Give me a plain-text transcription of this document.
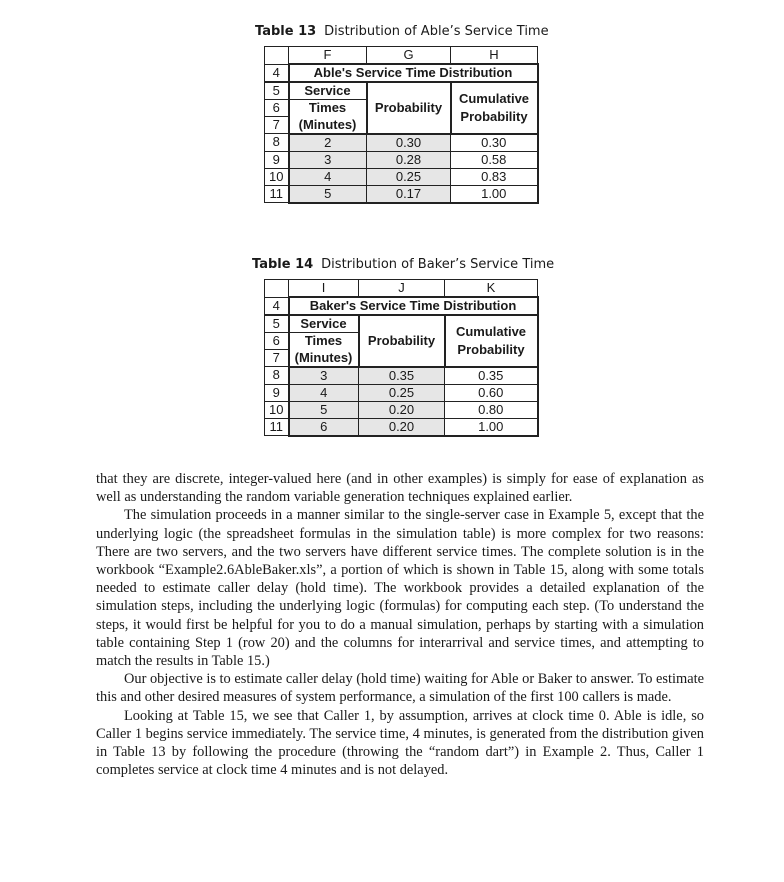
Table 13 Distribution of Able’s Service Time
	F	G	H
4	Able's Service Time Distribution		
5	Service	Probability	Cumulative
Probability
6	Times		
7	(Minutes)		
8	2	0.30	0.30
9	3	0.28	0.58
10	4	0.25	0.83
11	5	0.17	1.00
Table 14 Distribution of Baker’s Service Time
	I	J	K
4	Baker's Service Time Distribution		
5	Service	Probability	Cumulative
Probability
6	Times		
7	(Minutes)		
8	3	0.35	0.35
9	4	0.25	0.60
10	5	0.20	0.80
11	6	0.20	1.00

that they are discrete, integer-valued here (and in other examples) is simply for ease of explanation as well as understanding the random variable generation techniques explained earlier.

The simulation proceeds in a manner similar to the single-server case in Example 5, except that the underlying logic (the spreadsheet formulas in the simulation table) is more complex for two reasons: There are two servers, and the two servers have different service times. The complete solution is in the workbook “Example2.6AbleBaker.xls”, a portion of which is shown in Table 15, along with some totals needed to estimate caller delay (hold time). The workbook provides a detailed explanation of the simulation steps, including the underlying logic (formulas) for computing each step. (To understand the steps, it would first be helpful for you to do a manual simulation, perhaps by starting with a simulation table containing Step 1 (row 20) and the columns for interarrival and service times, and attempting to match the results in Table 15.)

Our objective is to estimate caller delay (hold time) waiting for Able or Baker to answer. To estimate this and other desired measures of system performance, a simulation of the first 100 callers is made.

Looking at Table 15, we see that Caller 1, by assumption, arrives at clock time 0. Able is idle, so Caller 1 begins service immediately. The service time, 4 minutes, is generated from the distribution given in Table 13 by following the procedure (throwing the “random dart”) in Example 2. Thus, Caller 1 completes service at clock time 4 minutes and is not delayed.
